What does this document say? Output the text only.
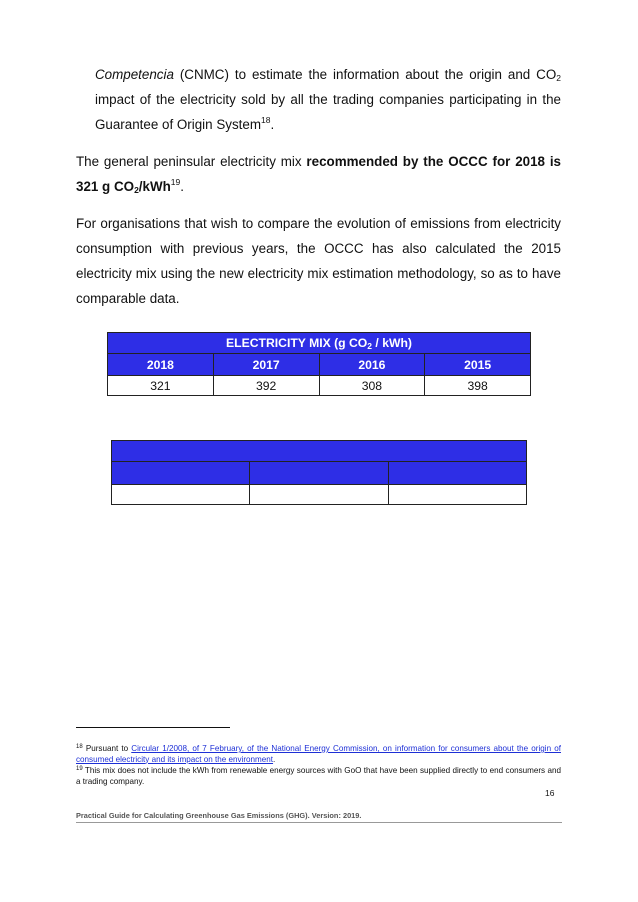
Competencia (CNMC) to estimate the information about the origin and $CO_2$ impact of the electricity sold by all the trading companies participating in the Guarantee of Origin System$^{18}$.

The general peninsular electricity mix recommended by the OCCC for 2018 is 321 g $CO_2/kWh^{19}$.

For organisations that wish to compare the evolution of emissions from electricity consumption with previous years, the OCCC has also calculated the 2015 electricity mix using the new electricity mix estimation methodology, so as to have comparable data.

ELECTRICITY MIX (g $CO_2 / kWh$)			
2018	2017	2016	2015
321	392	308	398

$^{18}$ Pursuant to Circular 1/2008, of 7 February, of the National Energy Commission, on information for consumers about the origin of consumed electricity and its impact on the environment.
$^{19}$ This mix does not include the kWh from renewable energy sources with GoO that have been supplied directly to end consumers and a trading company.
16
Practical Guide for Calculating Greenhouse Gas Emissions (GHG). Version: 2019.
